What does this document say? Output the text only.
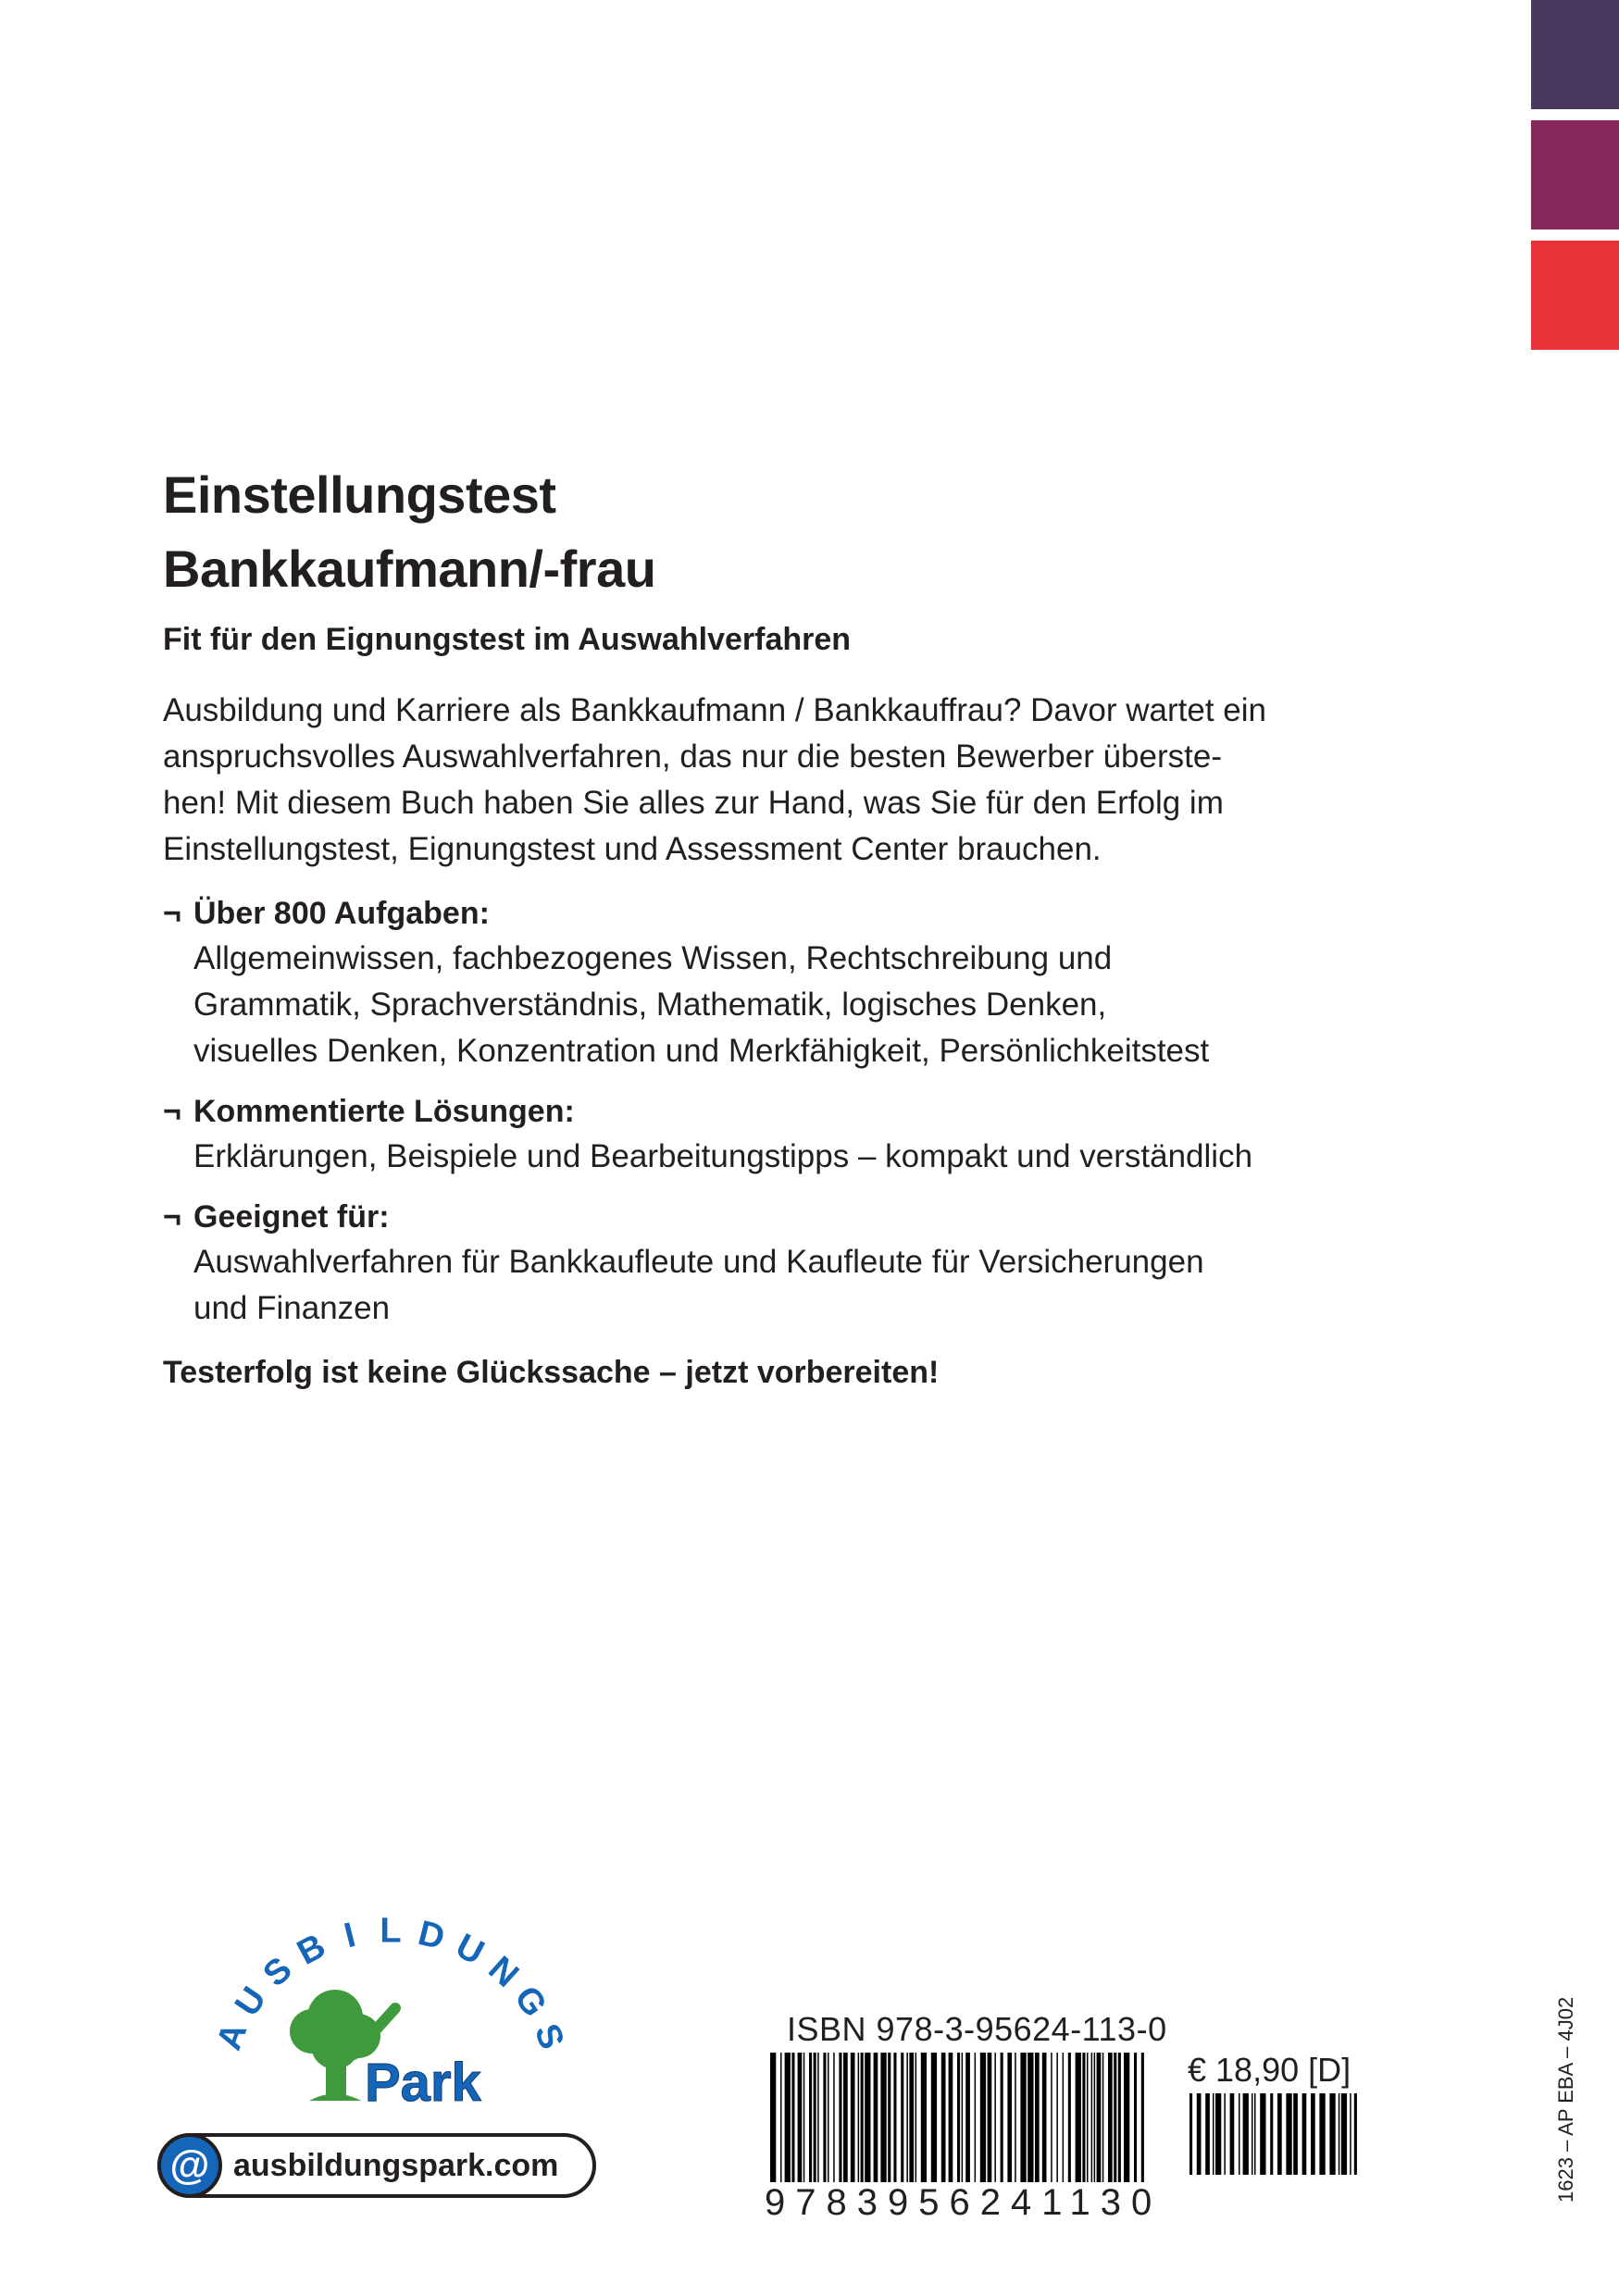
Einstellungstest
Bankkaufmann/-frau
Fit für den Eignungstest im Auswahlverfahren
Ausbildung und Karriere als Bankkaufmann / Bankkauffrau? Davor wartet ein
anspruchsvolles Auswahlverfahren, das nur die besten Bewerber überste-
hen! Mit diesem Buch haben Sie alles zur Hand, was Sie für den Erfolg im
Einstellungstest, Eignungstest und Assessment Center brauchen.
¬ Über 800 Aufgaben:
Allgemeinwissen, fachbezogenes Wissen, Rechtschreibung und
Grammatik, Sprachverständnis, Mathematik, logisches Denken,
visuelles Denken, Konzentration und Merkfähigkeit, Persönlichkeitstest
¬ Kommentierte Lösungen:
Erklärungen, Beispiele und Bearbeitungstipps – kompakt und verständlich
¬ Geeignet für:
Auswahlverfahren für Bankkaufleute und Kaufleute für Versicherungen
und Finanzen
Testerfolg ist keine Glückssache – jetzt vorbereiten!
A
U
S
B I L D U
N
G
S
Park
@ ausbildungspark.com
ISBN 978-3-95624-113-0
9783956241130
€ 18,90 [D]	1623 – AP EBA – 4J02
